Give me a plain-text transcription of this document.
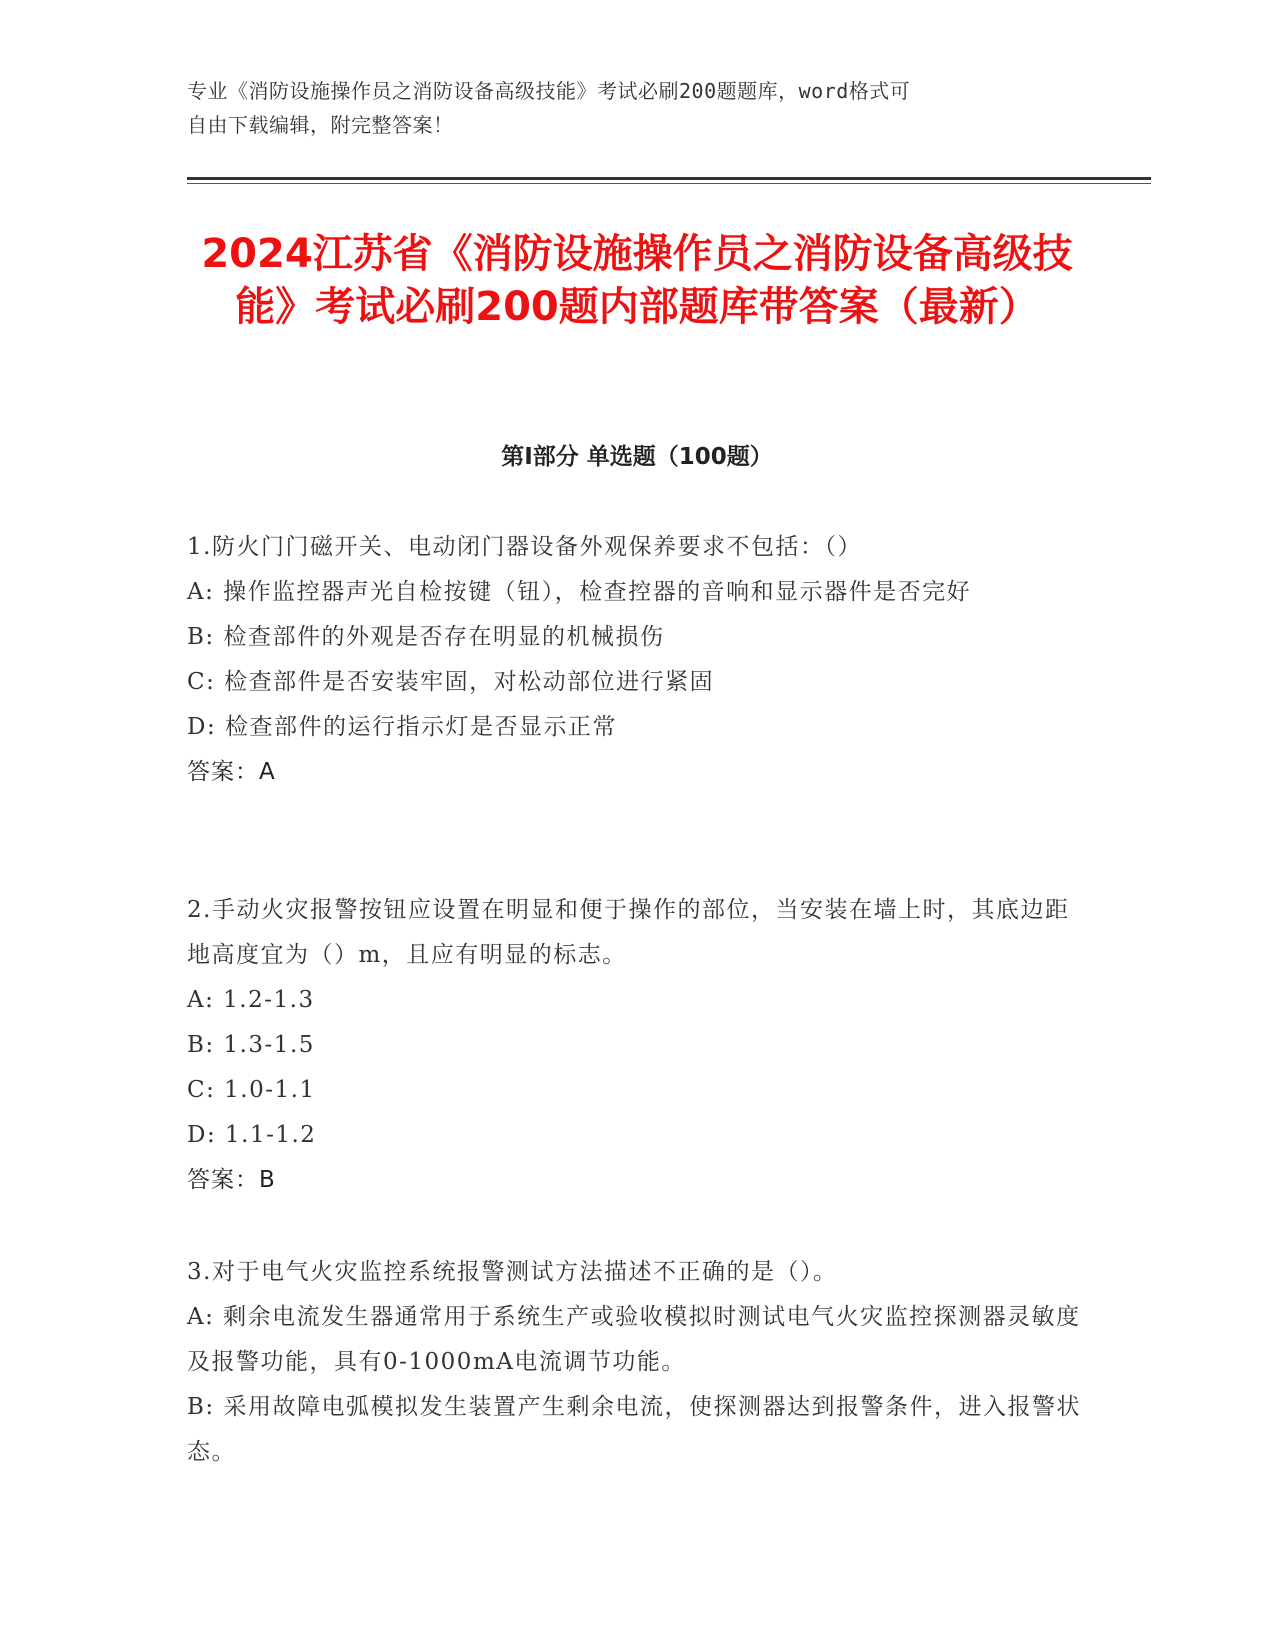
专业《消防设施操作员之消防设备高级技能》考试必刷200题题库，word格式可
自由下载编辑，附完整答案！
2024江苏省《消防设施操作员之消防设备高级技能》考试必刷200题内部题库带答案（最新）
第I部分 单选题（100题）

1.防火门门磁开关、电动闭门器设备外观保养要求不包括：（）

A: 操作监控器声光自检按键（钮），检查控器的音响和显示器件是否完好

B: 检查部件的外观是否存在明显的机械损伤

C: 检查部件是否安装牢固，对松动部位进行紧固

D: 检查部件的运行指示灯是否显示正常

答案：A

2.手动火灾报警按钮应设置在明显和便于操作的部位，当安装在墙上时，其底边距地高度宜为（）m，且应有明显的标志。

A: 1.2-1.3

B: 1.3-1.5

C: 1.0-1.1

D: 1.1-1.2

答案：B

3.对于电气火灾监控系统报警测试方法描述不正确的是（）。

A: 剩余电流发生器通常用于系统生产或验收模拟时测试电气火灾监控探测器灵敏度及报警功能，具有0-1000mA电流调节功能。

B: 采用故障电弧模拟发生装置产生剩余电流，使探测器达到报警条件，进入报警状态。
